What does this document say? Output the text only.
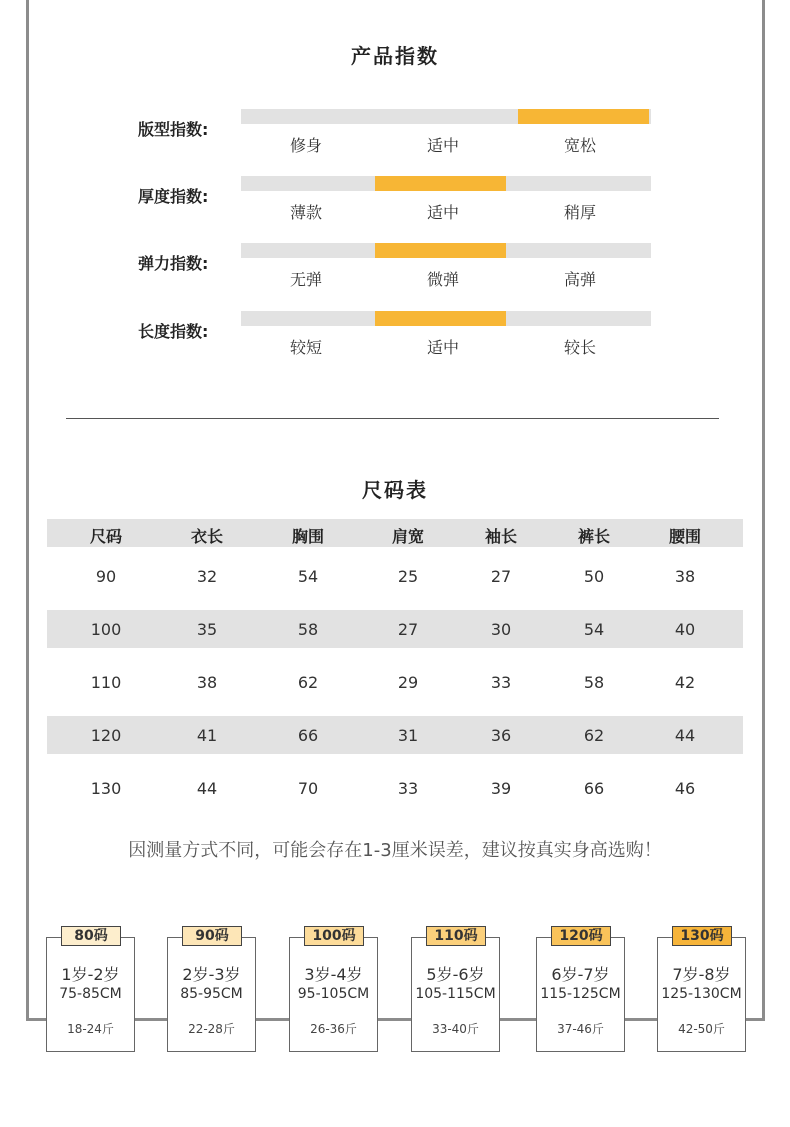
产品指数
版型指数:
修身	适中	宽松
厚度指数:
薄款	适中	稍厚
弹力指数:
无弹	微弹	高弹
长度指数:
较短	适中	较长
尺码表
尺码	衣长	胸围	肩宽	袖长	裤长	腰围
90	32	54	25	27	50	38
100	35	58	27	30	54	40
110	38	62	29	33	58	42
120	41	66	31	36	62	44
130	44	70	33	39	66	46
因测量方式不同，可能会存在1-3厘米误差，建议按真实身高选购！
80码
1岁-2岁
75-85CM
18-24斤
90码
2岁-3岁
85-95CM
22-28斤
100码
3岁-4岁
95-105CM
26-36斤
110码
5岁-6岁
105-115CM
33-40斤
120码
6岁-7岁
115-125CM
37-46斤
130码
7岁-8岁
125-130CM
42-50斤
